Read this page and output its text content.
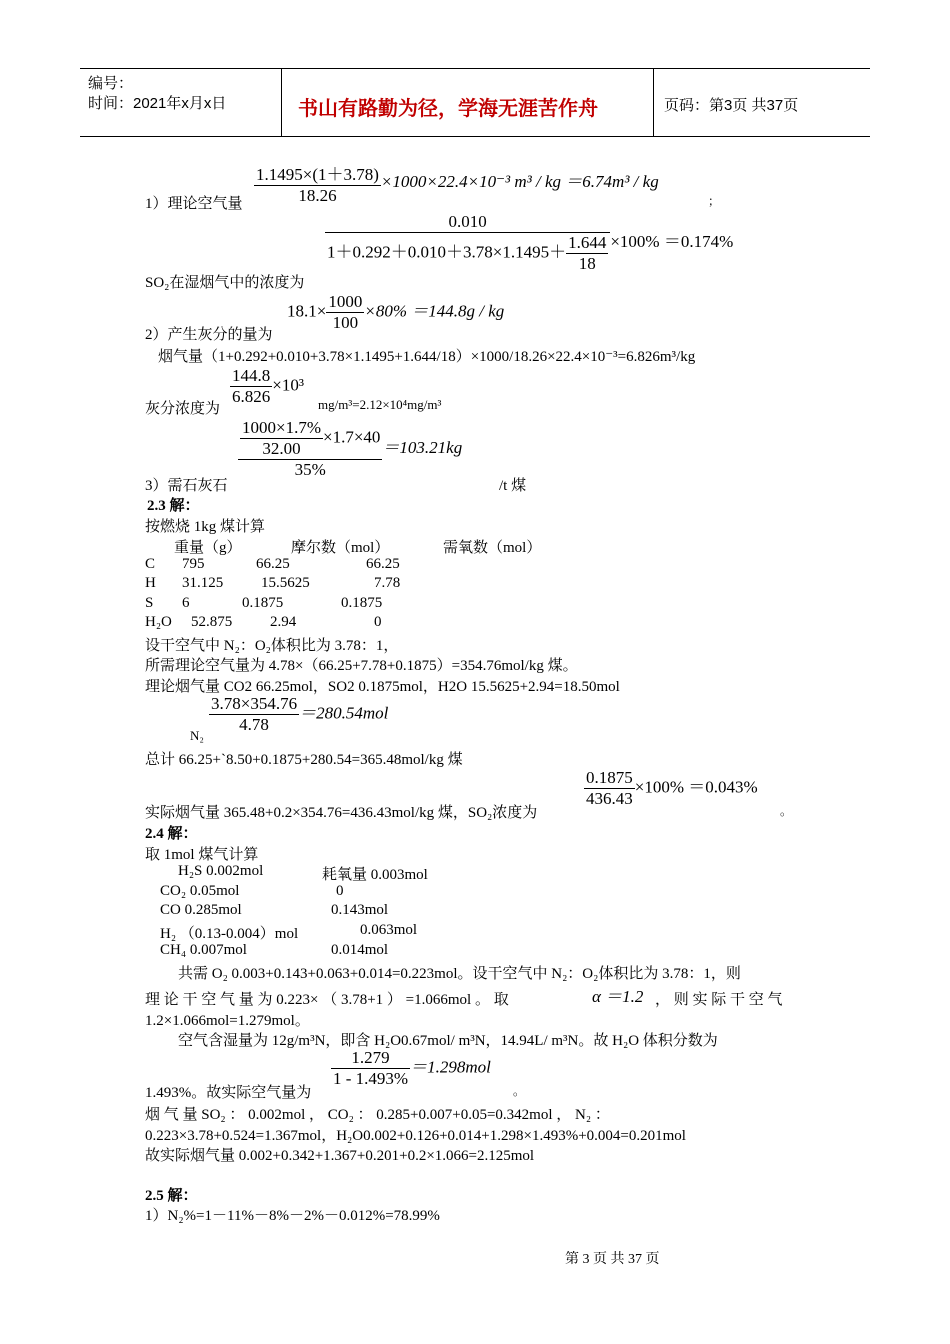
编号：
时间：2021年x月x日	书山有路勤为径，学海无涯苦作舟	页码：第3页 共37页
$\frac{1.1495\times(1+3.78)}{18.26} \times 1000\times 22.4\times 10^{-3}$ m³ / kg ＝6.74m³ / kg
1）理论空气量	；
$\frac{0.010}{1+0.292+0.010+3.78\times 1.1495+ \frac{1.644}{18}} \times 100\% =0.174\%$
SO₂在湿烟气中的浓度为
$18.1\times \frac{1000}{100} \times 80\% =144.8g$ / kg
2）产生灰分的量为
烟气量（1+0.292+0.010+3.78×1.1495+1.644/18）×1000/18.26×22.4×10⁻³=6.826m³/kg
$\frac{144.8}{6.826} \times 10^3$
灰分浓度为	mg/m³=2.12×10⁴mg/m³
$\frac{\frac{1000\times 1.7\%}{32.00} \times 1.7\times 40}{35\%} =103.21kg$
3）需石灰石	/t 煤
2.3 解：
按燃烧 1kg 煤计算
重量（g）	摩尔数（mol）	需氧数（mol）
C 795	66.25	66.25
H 31.125	15.5625	7.78
S 6	0.1875	0.1875
H₂O 52.875	2.94	0
设干空气中 N₂：O₂体积比为 3.78：1，
所需理论空气量为 4.78×（66.25+7.78+0.1875）=354.76mol/kg 煤。
理论烟气量 CO2 66.25mol，SO2 0.1875mol，H2O 15.5625+2.94=18.50mol
$\frac{3.78\times 354.76}{4.78} =280.54mol$
N₂
总计 66.25+`8.50+0.1875+280.54=365.48mol/kg 煤
$\frac{0.1875}{436.43} \times 100\% =0.043\%$
实际烟气量 365.48+0.2×354.76=436.43mol/kg 煤，SO₂浓度为	。
2.4 解：
取 1mol 煤气计算
H₂S 0.002mol	耗氧量 0.003mol
CO₂ 0.05mol	0
CO 0.285mol	0.143mol
H₂ （0.13-0.004）mol	0.063mol
CH₄ 0.007mol	0.014mol
共需 O₂ 0.003+0.143+0.063+0.014=0.223mol。设干空气中 N₂：O₂体积比为 3.78：1，则
理 论 干 空 气 量 为 0.223× （ 3.78+1 ） =1.066mol 。 取	α ＝1.2 ， 则 实 际 干 空 气
1.2×1.066mol=1.279mol。
空气含湿量为 12g/m³N，即含 H₂O0.67mol/ m³N，14.94L/ m³N。故 H₂O 体积分数为
$\frac{1.279}{1 - 1.493\%} =1.298mol$
1.493%。故实际空气量为	。
烟 气 量 SO₂ ： 0.002mol ， CO₂ ： 0.285+0.007+0.05=0.342mol ， N₂ ：
0.223×3.78+0.524=1.367mol，H₂O0.002+0.126+0.014+1.298×1.493%+0.004=0.201mol
故实际烟气量 0.002+0.342+1.367+0.201+0.2×1.066=2.125mol
2.5 解：
1）N₂%=1－11%－8%－2%－0.012%=78.99%
第 3 页 共 37 页
